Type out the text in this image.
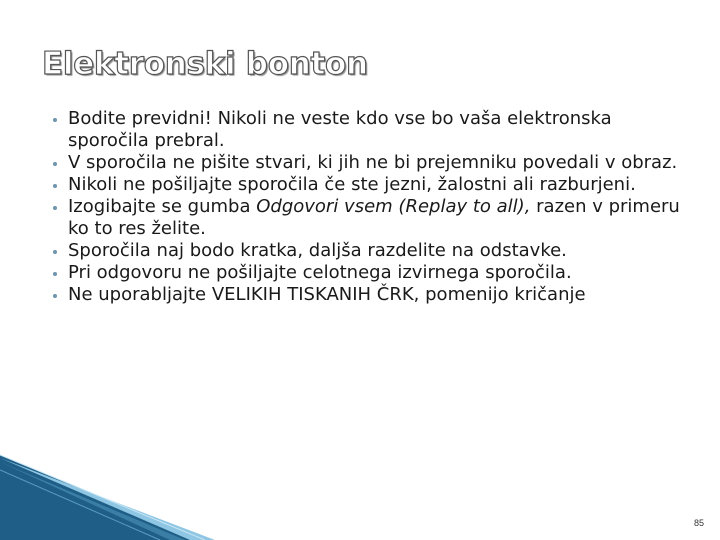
Elektronski bonton
Bodite previdni! Nikoli ne veste kdo vse bo vaša elektronska sporočila prebral.
V sporočila ne pišite stvari, ki jih ne bi prejemniku povedali v obraz.
Nikoli ne pošiljajte sporočila če ste jezni, žalostni ali razburjeni.
Izogibajte se gumba Odgovori vsem (Replay to all), razen v primeru ko to res želite.
Sporočila naj bodo kratka, daljša razdelite na odstavke.
Pri odgovoru ne pošiljajte celotnega izvirnega sporočila.
Ne uporabljajte VELIKIH TISKANIH ČRK, pomenijo kričanje
85
